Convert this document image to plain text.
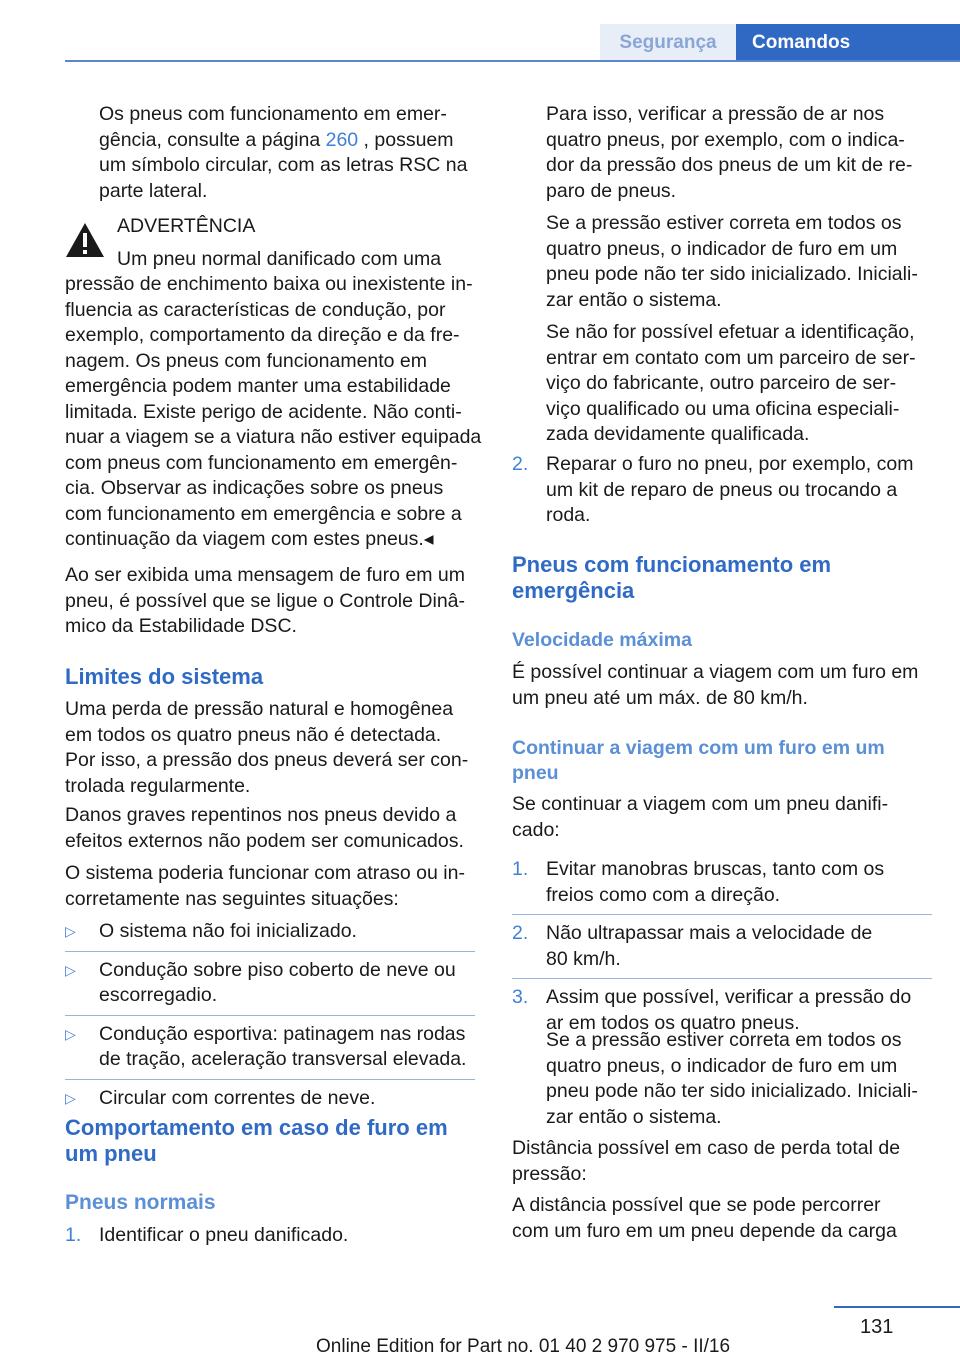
Segurança	Comandos
Os pneus com funcionamento em emer-
gência, consulte a página 260 , possuem
um símbolo circular, com as letras RSC na
parte lateral.
ADVERTÊNCIA
Um pneu normal danificado com uma
pressão de enchimento baixa ou inexistente in-
fluencia as características de condução, por
exemplo, comportamento da direção e da fre-
nagem. Os pneus com funcionamento em
emergência podem manter uma estabilidade
limitada. Existe perigo de acidente. Não conti-
nuar a viagem se a viatura não estiver equipada
com pneus com funcionamento em emergên-
cia. Observar as indicações sobre os pneus
com funcionamento em emergência e sobre a
continuação da viagem com estes pneus.◂
Ao ser exibida uma mensagem de furo em um
pneu, é possível que se ligue o Controle Dinâ-
mico da Estabilidade DSC.
Limites do sistema
Uma perda de pressão natural e homogênea
em todos os quatro pneus não é detectada.
Por isso, a pressão dos pneus deverá ser con-
trolada regularmente.
Danos graves repentinos nos pneus devido a
efeitos externos não podem ser comunicados.
O sistema poderia funcionar com atraso ou in-
corretamente nas seguintes situações:
▷ O sistema não foi inicializado.
▷ Condução sobre piso coberto de neve ou
escorregadio.
▷ Condução esportiva: patinagem nas rodas
de tração, aceleração transversal elevada.
▷ Circular com correntes de neve.
Comportamento em caso de furo em
um pneu
Pneus normais
1. Identificar o pneu danificado.
Para isso, verificar a pressão de ar nos
quatro pneus, por exemplo, com o indica-
dor da pressão dos pneus de um kit de re-
paro de pneus.
Se a pressão estiver correta em todos os
quatro pneus, o indicador de furo em um
pneu pode não ter sido inicializado. Iniciali-
zar então o sistema.
Se não for possível efetuar a identificação,
entrar em contato com um parceiro de ser-
viço do fabricante, outro parceiro de ser-
viço qualificado ou uma oficina especiali-
zada devidamente qualificada.
2. Reparar o furo no pneu, por exemplo, com
um kit de reparo de pneus ou trocando a
roda.
Pneus com funcionamento em
emergência
Velocidade máxima
É possível continuar a viagem com um furo em
um pneu até um máx. de 80 km/h.
Continuar a viagem com um furo em um
pneu
Se continuar a viagem com um pneu danifi-
cado:
1. Evitar manobras bruscas, tanto com os
freios como com a direção.
2. Não ultrapassar mais a velocidade de
80 km/h.
3. Assim que possível, verificar a pressão do
ar em todos os quatro pneus.
Se a pressão estiver correta em todos os
quatro pneus, o indicador de furo em um
pneu pode não ter sido inicializado. Iniciali-
zar então o sistema.
Distância possível em caso de perda total de
pressão:
A distância possível que se pode percorrer
com um furo em um pneu depende da carga
131
Online Edition for Part no. 01 40 2 970 975 - II/16
